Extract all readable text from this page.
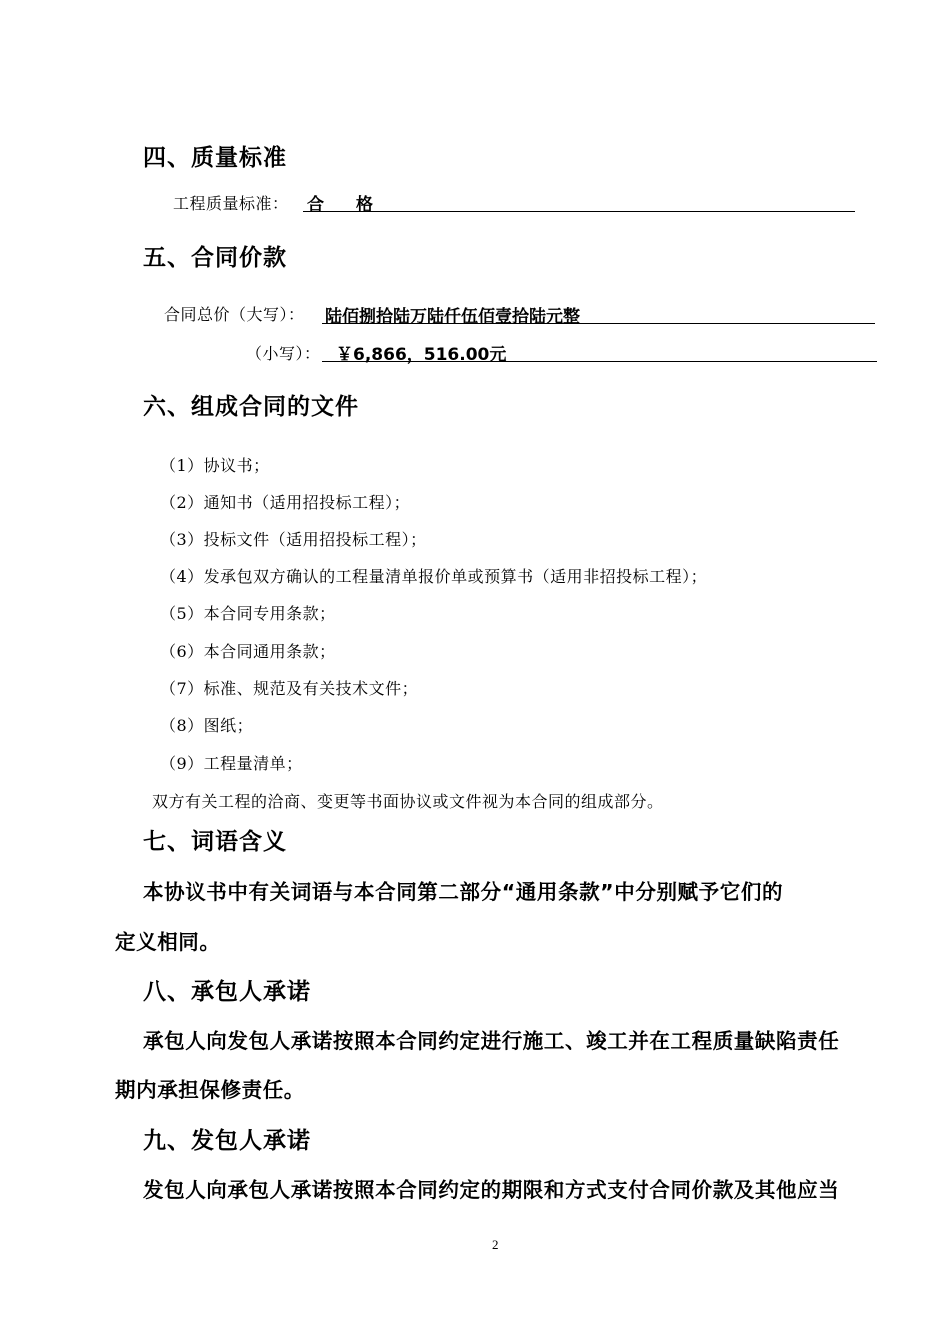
四、质量标准
工程质量标准： 合 格
五、合同价款
合同总价（大写）： 陆佰捌拾陆万陆仟伍佰壹拾陆元整
（小写）： ￥6,866，516.00元
六、组成合同的文件
（1）协议书；
（2）通知书（适用招投标工程）；
（3）投标文件（适用招投标工程）；
（4）发承包双方确认的工程量清单报价单或预算书（适用非招投标工程）；
（5）本合同专用条款；
（6）本合同通用条款；
（7）标准、规范及有关技术文件；
（8）图纸；
（9）工程量清单；
双方有关工程的洽商、变更等书面协议或文件视为本合同的组成部分。
七、词语含义
本协议书中有关词语与本合同第二部分“通用条款”中分别赋予它们的
定义相同。
八、承包人承诺
承包人向发包人承诺按照本合同约定进行施工、竣工并在工程质量缺陷责任
期内承担保修责任。
九、发包人承诺
发包人向承包人承诺按照本合同约定的期限和方式支付合同价款及其他应当
2
